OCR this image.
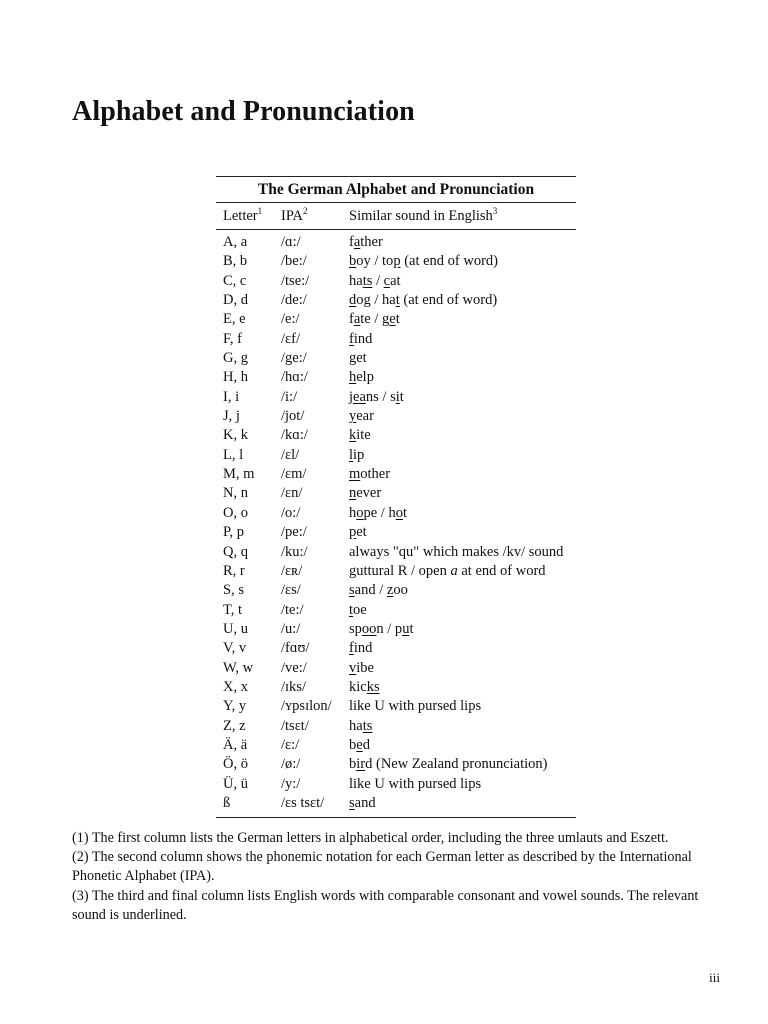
Alphabet and Pronunciation
The German Alphabet and Pronunciation
Letter$^1$	IPA$^2$	Similar sound in English$^3$
A, a	/ɑ:/	father
B, b	/be:/	boy / top (at end of word)
C, c	/tse:/	hats / cat
D, d	/de:/	dog / hat (at end of word)
E, e	/e:/	fate / get
F, f	/ɛf/	find
G, g	/ge:/	get
H, h	/hɑ:/	help
I, i	/i:/	jeans / sit
J, j	/jot/	year
K, k	/kɑ:/	kite
L, l	/ɛl/	lip
M, m	/ɛm/	mother
N, n	/ɛn/	never
O, o	/o:/	hope / hot
P, p	/pe:/	pet
Q, q	/ku:/	always "qu" which makes /kv/ sound
R, r	/ɛʀ/	guttural R / open a at end of word
S, s	/ɛs/	sand / zoo
T, t	/te:/	toe
U, u	/u:/	spoon / put
V, v	/fɑʊ/	find
W, w	/ve:/	vibe
X, x	/ɪks/	kicks
Y, y	/ʏpsɪlon/	like U with pursed lips
Z, z	/tsɛt/	hats
Ä, ä	/ɛ:/	bed
Ö, ö	/ø:/	bird (New Zealand pronunciation)
Ü, ü	/y:/	like U with pursed lips
ß	/ɛs tsɛt/	sand

(1) The first column lists the German letters in alphabetical order, including the three umlauts and Eszett.

(2) The second column shows the phonemic notation for each German letter as described by the International Phonetic Alphabet (IPA).

(3) The third and final column lists English words with comparable consonant and vowel sounds. The relevant sound is underlined.

iii
